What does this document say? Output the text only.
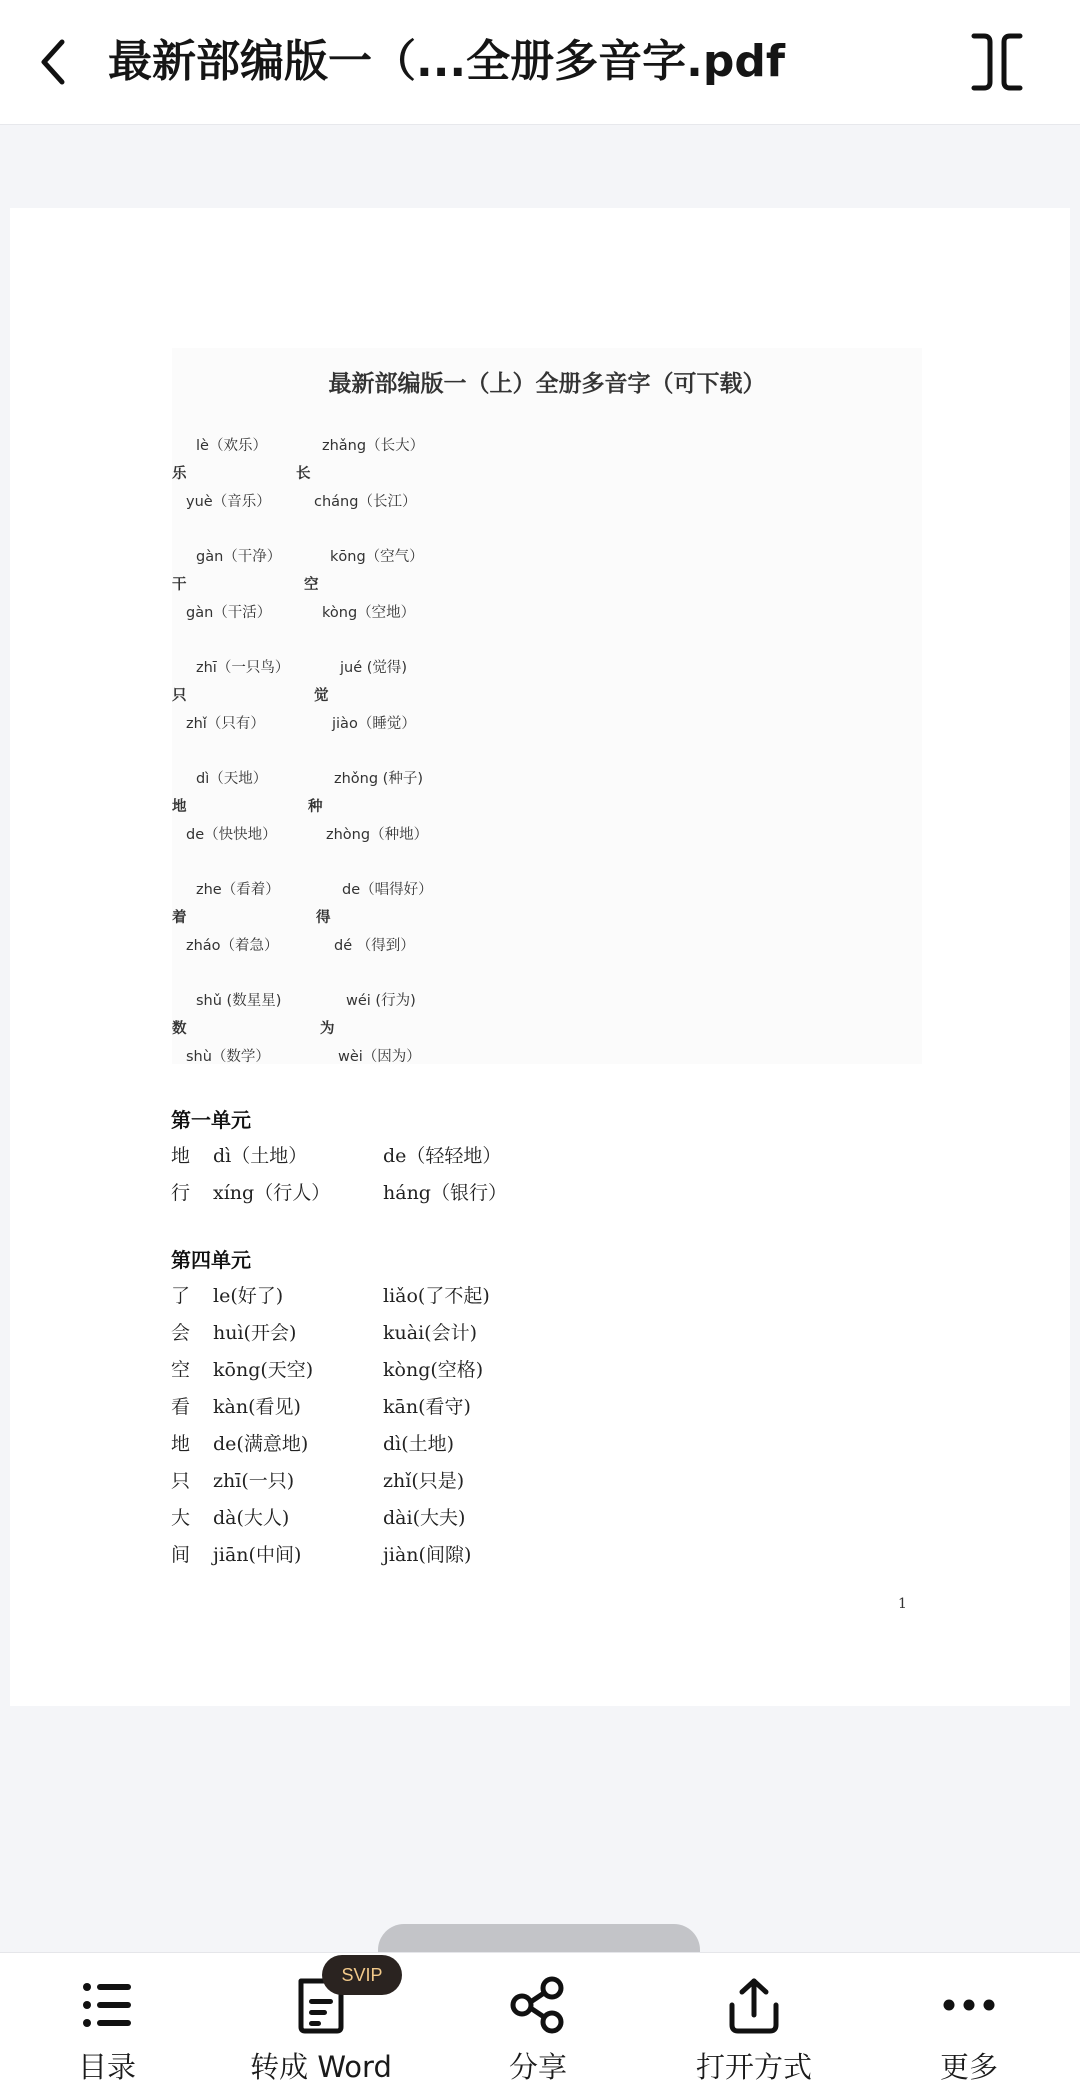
最新部编版一（...全册多音字.pdf
最新部编版一（上）全册多音字（可下载）
lè（欢乐）	zhǎng（长大）
乐	长
yuè（音乐）	cháng（长江）
gàn（干净）	kōng（空气）
干	空
gàn（干活）	kòng（空地）
zhī（一只鸟）	jué (觉得)
只	觉
zhǐ（只有）	jiào（睡觉）
dì（天地）	zhǒng (种子)
地	种
de（快快地）	zhòng（种地）
zhe（看着）	de（唱得好）
着	得
zháo（着急）	dé （得到）
shǔ (数星星)	wéi (行为)
数	为
shù（数学）	wèi（因为）
第一单元
地 dì（土地）	de（轻轻地）
行 xíng（行人）	háng（银行）
第四单元
了 le(好了)	liǎo(了不起)
会 huì(开会)	kuài(会计)
空 kōng(天空)	kòng(空格)
看 kàn(看见)	kān(看守)
地 de(满意地)	dì(土地)
只 zhī(一只)	zhǐ(只是)
大 dà(大人)	dài(大夫)
间 jiān(中间)	jiàn(间隙)
1
目录	转成 Word	分享	打开方式	更多
SVIP
